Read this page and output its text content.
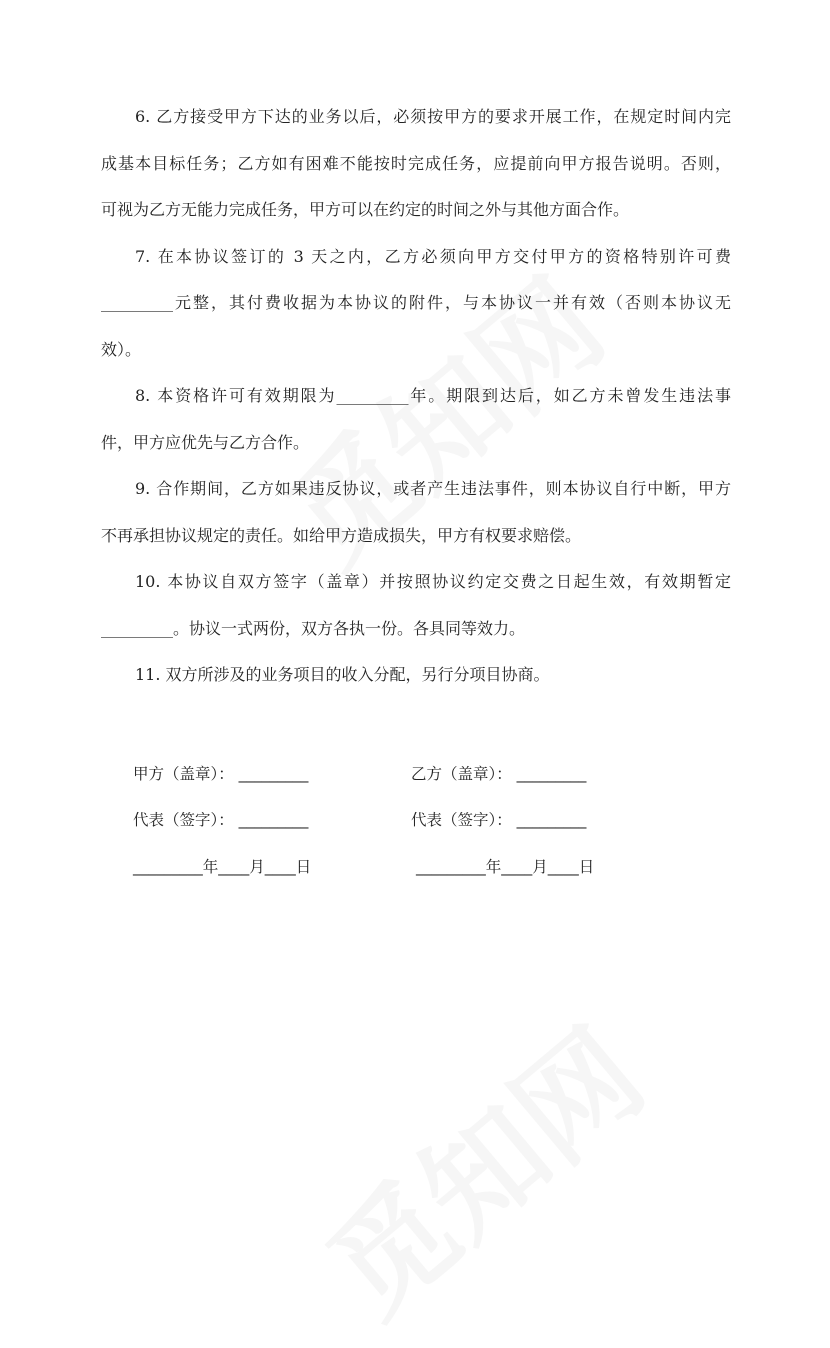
6. 乙方接受甲方下达的业务以后，必须按甲方的要求开展工作，在规定时间内完
成基本目标任务；乙方如有困难不能按时完成任务，应提前向甲方报告说明。否则，
可视为乙方无能力完成任务，甲方可以在约定的时间之外与其他方面合作。
7. 在本协议签订的 3 天之内，乙方必须向甲方交付甲方的资格特别许可费
_________元整，其付费收据为本协议的附件，与本协议一并有效（否则本协议无
效）。
8. 本资格许可有效期限为_________年。期限到达后，如乙方未曾发生违法事
件，甲方应优先与乙方合作。
9. 合作期间，乙方如果违反协议，或者产生违法事件，则本协议自行中断，甲方
不再承担协议规定的责任。如给甲方造成损失，甲方有权要求赔偿。
10. 本协议自双方签字（盖章）并按照协议约定交费之日起生效，有效期暂定
_________。协议一式两份，双方各执一份。各具同等效力。
11. 双方所涉及的业务项目的收入分配，另行分项目协商。
甲方（盖章）： _________	乙方（盖章）： _________
代表（签字）： _________	代表（签字）： _________
_________年____月____日	_________年____月____日
